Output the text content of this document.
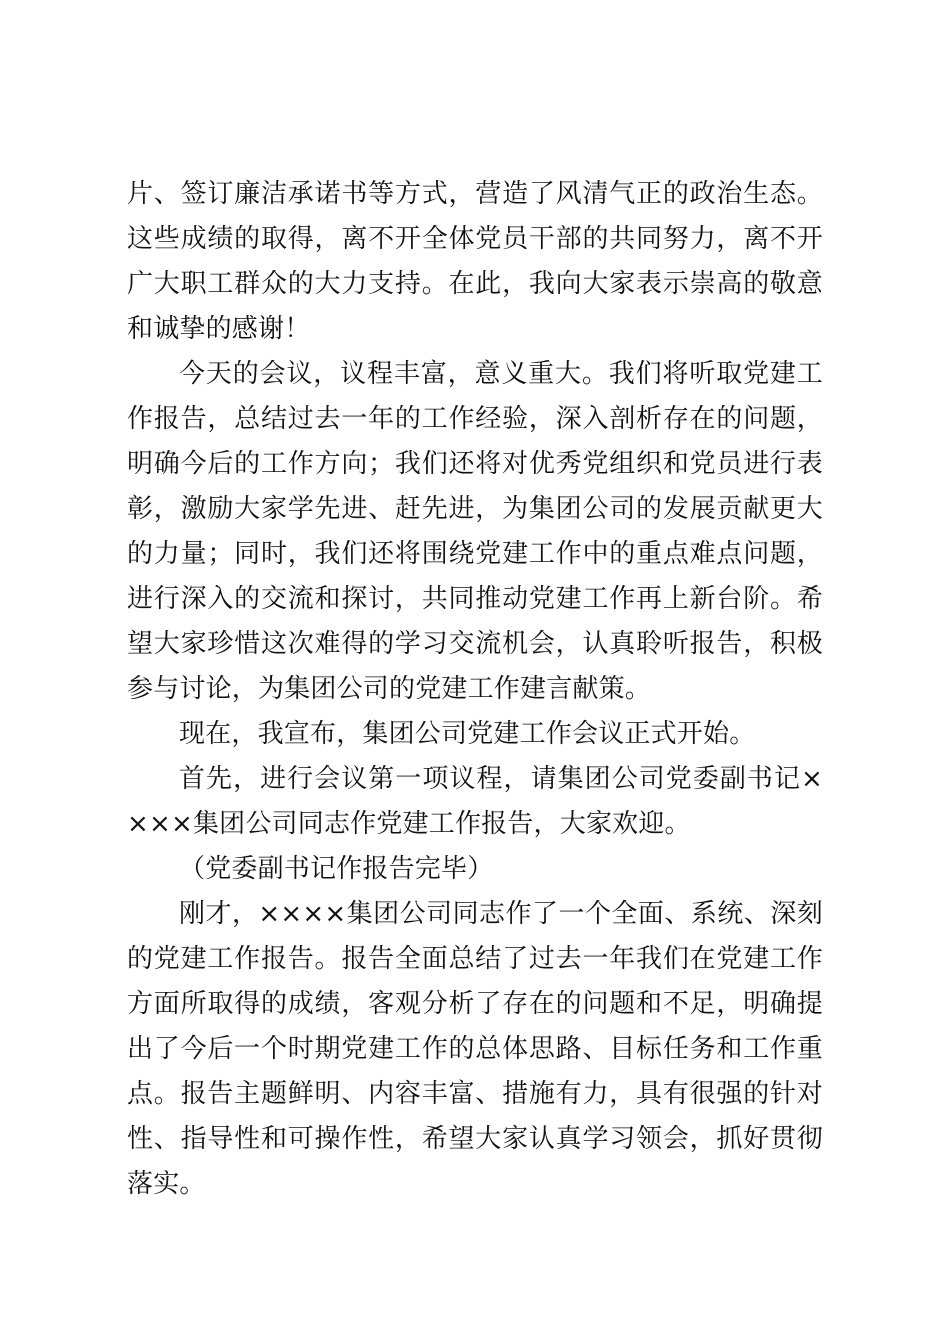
片、签订廉洁承诺书等方式，营造了风清气正的政治生态。这些成绩的取得，离不开全体党员干部的共同努力，离不开广大职工群众的大力支持。在此，我向大家表示崇高的敬意和诚挚的感谢！

今天的会议，议程丰富，意义重大。我们将听取党建工作报告，总结过去一年的工作经验，深入剖析存在的问题，明确今后的工作方向；我们还将对优秀党组织和党员进行表彰，激励大家学先进、赶先进，为集团公司的发展贡献更大的力量；同时，我们还将围绕党建工作中的重点难点问题，进行深入的交流和探讨，共同推动党建工作再上新台阶。希望大家珍惜这次难得的学习交流机会，认真聆听报告，积极参与讨论，为集团公司的党建工作建言献策。

现在，我宣布，集团公司党建工作会议正式开始。

首先，进行会议第一项议程，请集团公司党委副书记××××集团公司同志作党建工作报告，大家欢迎。

（党委副书记作报告完毕）

刚才，××××集团公司同志作了一个全面、系统、深刻的党建工作报告。报告全面总结了过去一年我们在党建工作方面所取得的成绩，客观分析了存在的问题和不足，明确提出了今后一个时期党建工作的总体思路、目标任务和工作重点。报告主题鲜明、内容丰富、措施有力，具有很强的针对性、指导性和可操作性，希望大家认真学习领会，抓好贯彻落实。
